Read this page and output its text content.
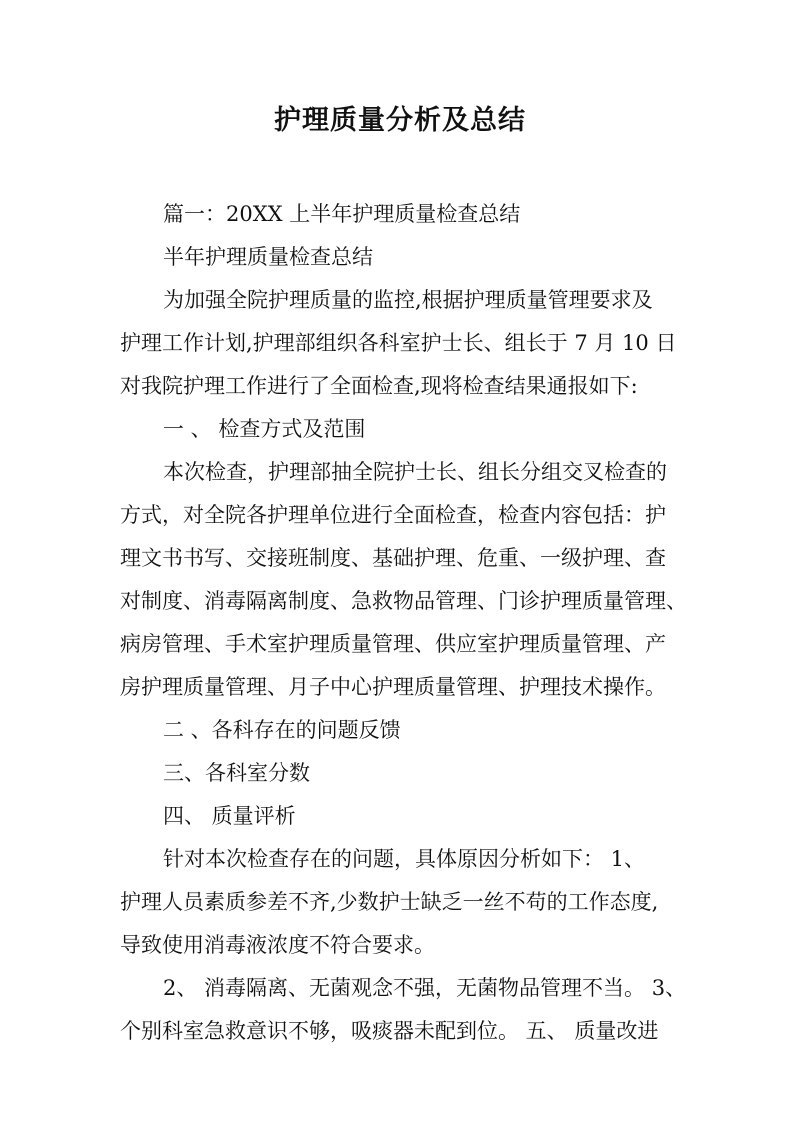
护理质量分析及总结
篇一：20XX 上半年护理质量检查总结
半年护理质量检查总结
为加强全院护理质量的监控,根据护理质量管理要求及
护理工作计划,护理部组织各科室护士长、组长于 7 月 10 日
对我院护理工作进行了全面检查,现将检查结果通报如下:
一 、 检查方式及范围
本次检查，护理部抽全院护士长、组长分组交叉检查的
方式，对全院各护理单位进行全面检查，检查内容包括：护
理文书书写、交接班制度、基础护理、危重、一级护理、查
对制度、消毒隔离制度、急救物品管理、门诊护理质量管理、
病房管理、手术室护理质量管理、供应室护理质量管理、产
房护理质量管理、月子中心护理质量管理、护理技术操作。
二 、各科存在的问题反馈
三、各科室分数
四、 质量评析
针对本次检查存在的问题，具体原因分析如下： 1、
护理人员素质参差不齐,少数护士缺乏一丝不苟的工作态度,
导致使用消毒液浓度不符合要求。
2、 消毒隔离、无菌观念不强，无菌物品管理不当。 3、
个别科室急救意识不够，吸痰器未配到位。 五、 质量改进
